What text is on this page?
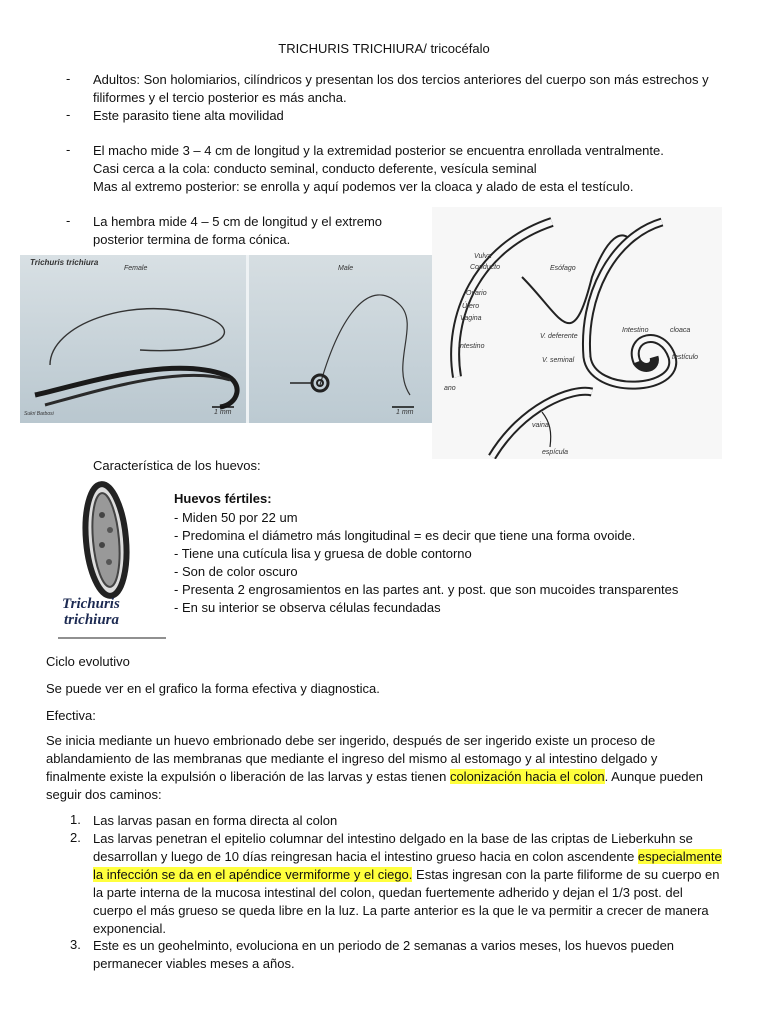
TRICHURIS TRICHIURA/ tricocéfalo
- Adultos: Son holomiarios, cilíndricos y presentan los dos tercios anteriores del cuerpo son más estrechos y
filiformes y el tercio posterior es más ancha.
- Este parasito tiene alta movilidad
- El macho mide 3 – 4 cm de longitud y la extremidad posterior se encuentra enrollada ventralmente.
Casi cerca a la cola: conducto seminal, conducto deferente, vesícula seminal
Mas al extremo posterior: se enrolla y aquí podemos ver la cloaca y alado de esta el testículo.
- La hembra mide 4 – 5 cm de longitud y el extremo
posterior termina de forma cónica.
Trichuris trichiura
Female	Male
1 mm	1 mm
Sukri Barbosi
Vulva
Conducto
Ovario
Útero
Vagina
Intestino
ano
Esófago
V. deferente
V. seminal
Intestino	cloaca
testículo
vaina
espícula
Característica de los huevos:
Trichuris
trichiura
Huevos fértiles:
- Miden 50 por 22 um
- Predomina el diámetro más longitudinal = es decir que tiene una forma ovoide.
- Tiene una cutícula lisa y gruesa de doble contorno
- Son de color oscuro
- Presenta 2 engrosamientos en las partes ant. y post. que son mucoides transparentes
- En su interior se observa células fecundadas
Ciclo evolutivo
Se puede ver en el grafico la forma efectiva y diagnostica.
Efectiva:
Se inicia mediante un huevo embrionado debe ser ingerido, después de ser ingerido existe un proceso de ablandamiento de las membranas que mediante el ingreso del mismo al estomago y al intestino delgado y finalmente existe la expulsión o liberación de las larvas y estas tienen colonización hacia el colon. Aunque pueden seguir dos caminos:
1. Las larvas pasan en forma directa al colon
2. Las larvas penetran el epitelio columnar del intestino delgado en la base de las criptas de Lieberkuhn se desarrollan y luego de 10 días reingresan hacia el intestino grueso hacia en colon ascendente especialmente la infección se da en el apéndice vermiforme y el ciego. Estas ingresan con la parte filiforme de su cuerpo en la parte interna de la mucosa intestinal del colon, quedan fuertemente adherido y dejan el 1/3 post. del cuerpo el más grueso se queda libre en la luz. La parte anterior es la que le va permitir a crecer de manera exponencial.
3. Este es un geohelminto, evoluciona en un periodo de 2 semanas a varios meses, los huevos pueden permanecer viables meses a años.
